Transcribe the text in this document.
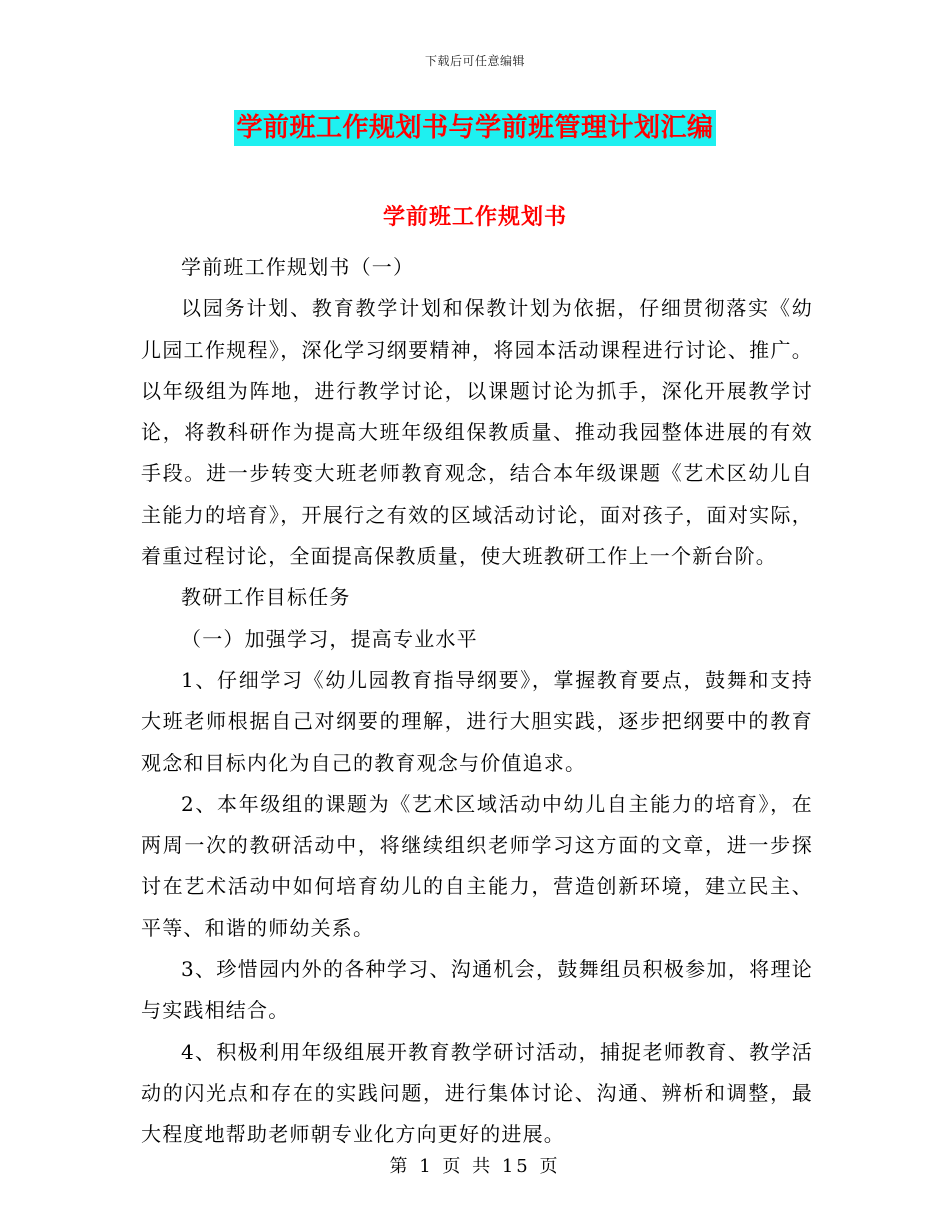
下载后可任意编辑
学前班工作规划书与学前班管理计划汇编
学前班工作规划书

学前班工作规划书（一）

以园务计划、教育教学计划和保教计划为依据，仔细贯彻落实《幼儿园工作规程》，深化学习纲要精神，将园本活动课程进行讨论、推广。以年级组为阵地，进行教学讨论，以课题讨论为抓手，深化开展教学讨论，将教科研作为提高大班年级组保教质量、推动我园整体进展的有效手段。进一步转变大班老师教育观念，结合本年级课题《艺术区幼儿自主能力的培育》，开展行之有效的区域活动讨论，面对孩子，面对实际，着重过程讨论，全面提高保教质量，使大班教研工作上一个新台阶。

教研工作目标任务

（一）加强学习，提高专业水平

1、仔细学习《幼儿园教育指导纲要》，掌握教育要点，鼓舞和支持大班老师根据自己对纲要的理解，进行大胆实践，逐步把纲要中的教育观念和目标内化为自己的教育观念与价值追求。

2、本年级组的课题为《艺术区域活动中幼儿自主能力的培育》，在两周一次的教研活动中，将继续组织老师学习这方面的文章，进一步探讨在艺术活动中如何培育幼儿的自主能力，营造创新环境，建立民主、平等、和谐的师幼关系。

3、珍惜园内外的各种学习、沟通机会，鼓舞组员积极参加，将理论与实践相结合。

4、积极利用年级组展开教育教学研讨活动，捕捉老师教育、教学活动的闪光点和存在的实践问题，进行集体讨论、沟通、辨析和调整，最大程度地帮助老师朝专业化方向更好的进展。

第 1 页 共 15 页
